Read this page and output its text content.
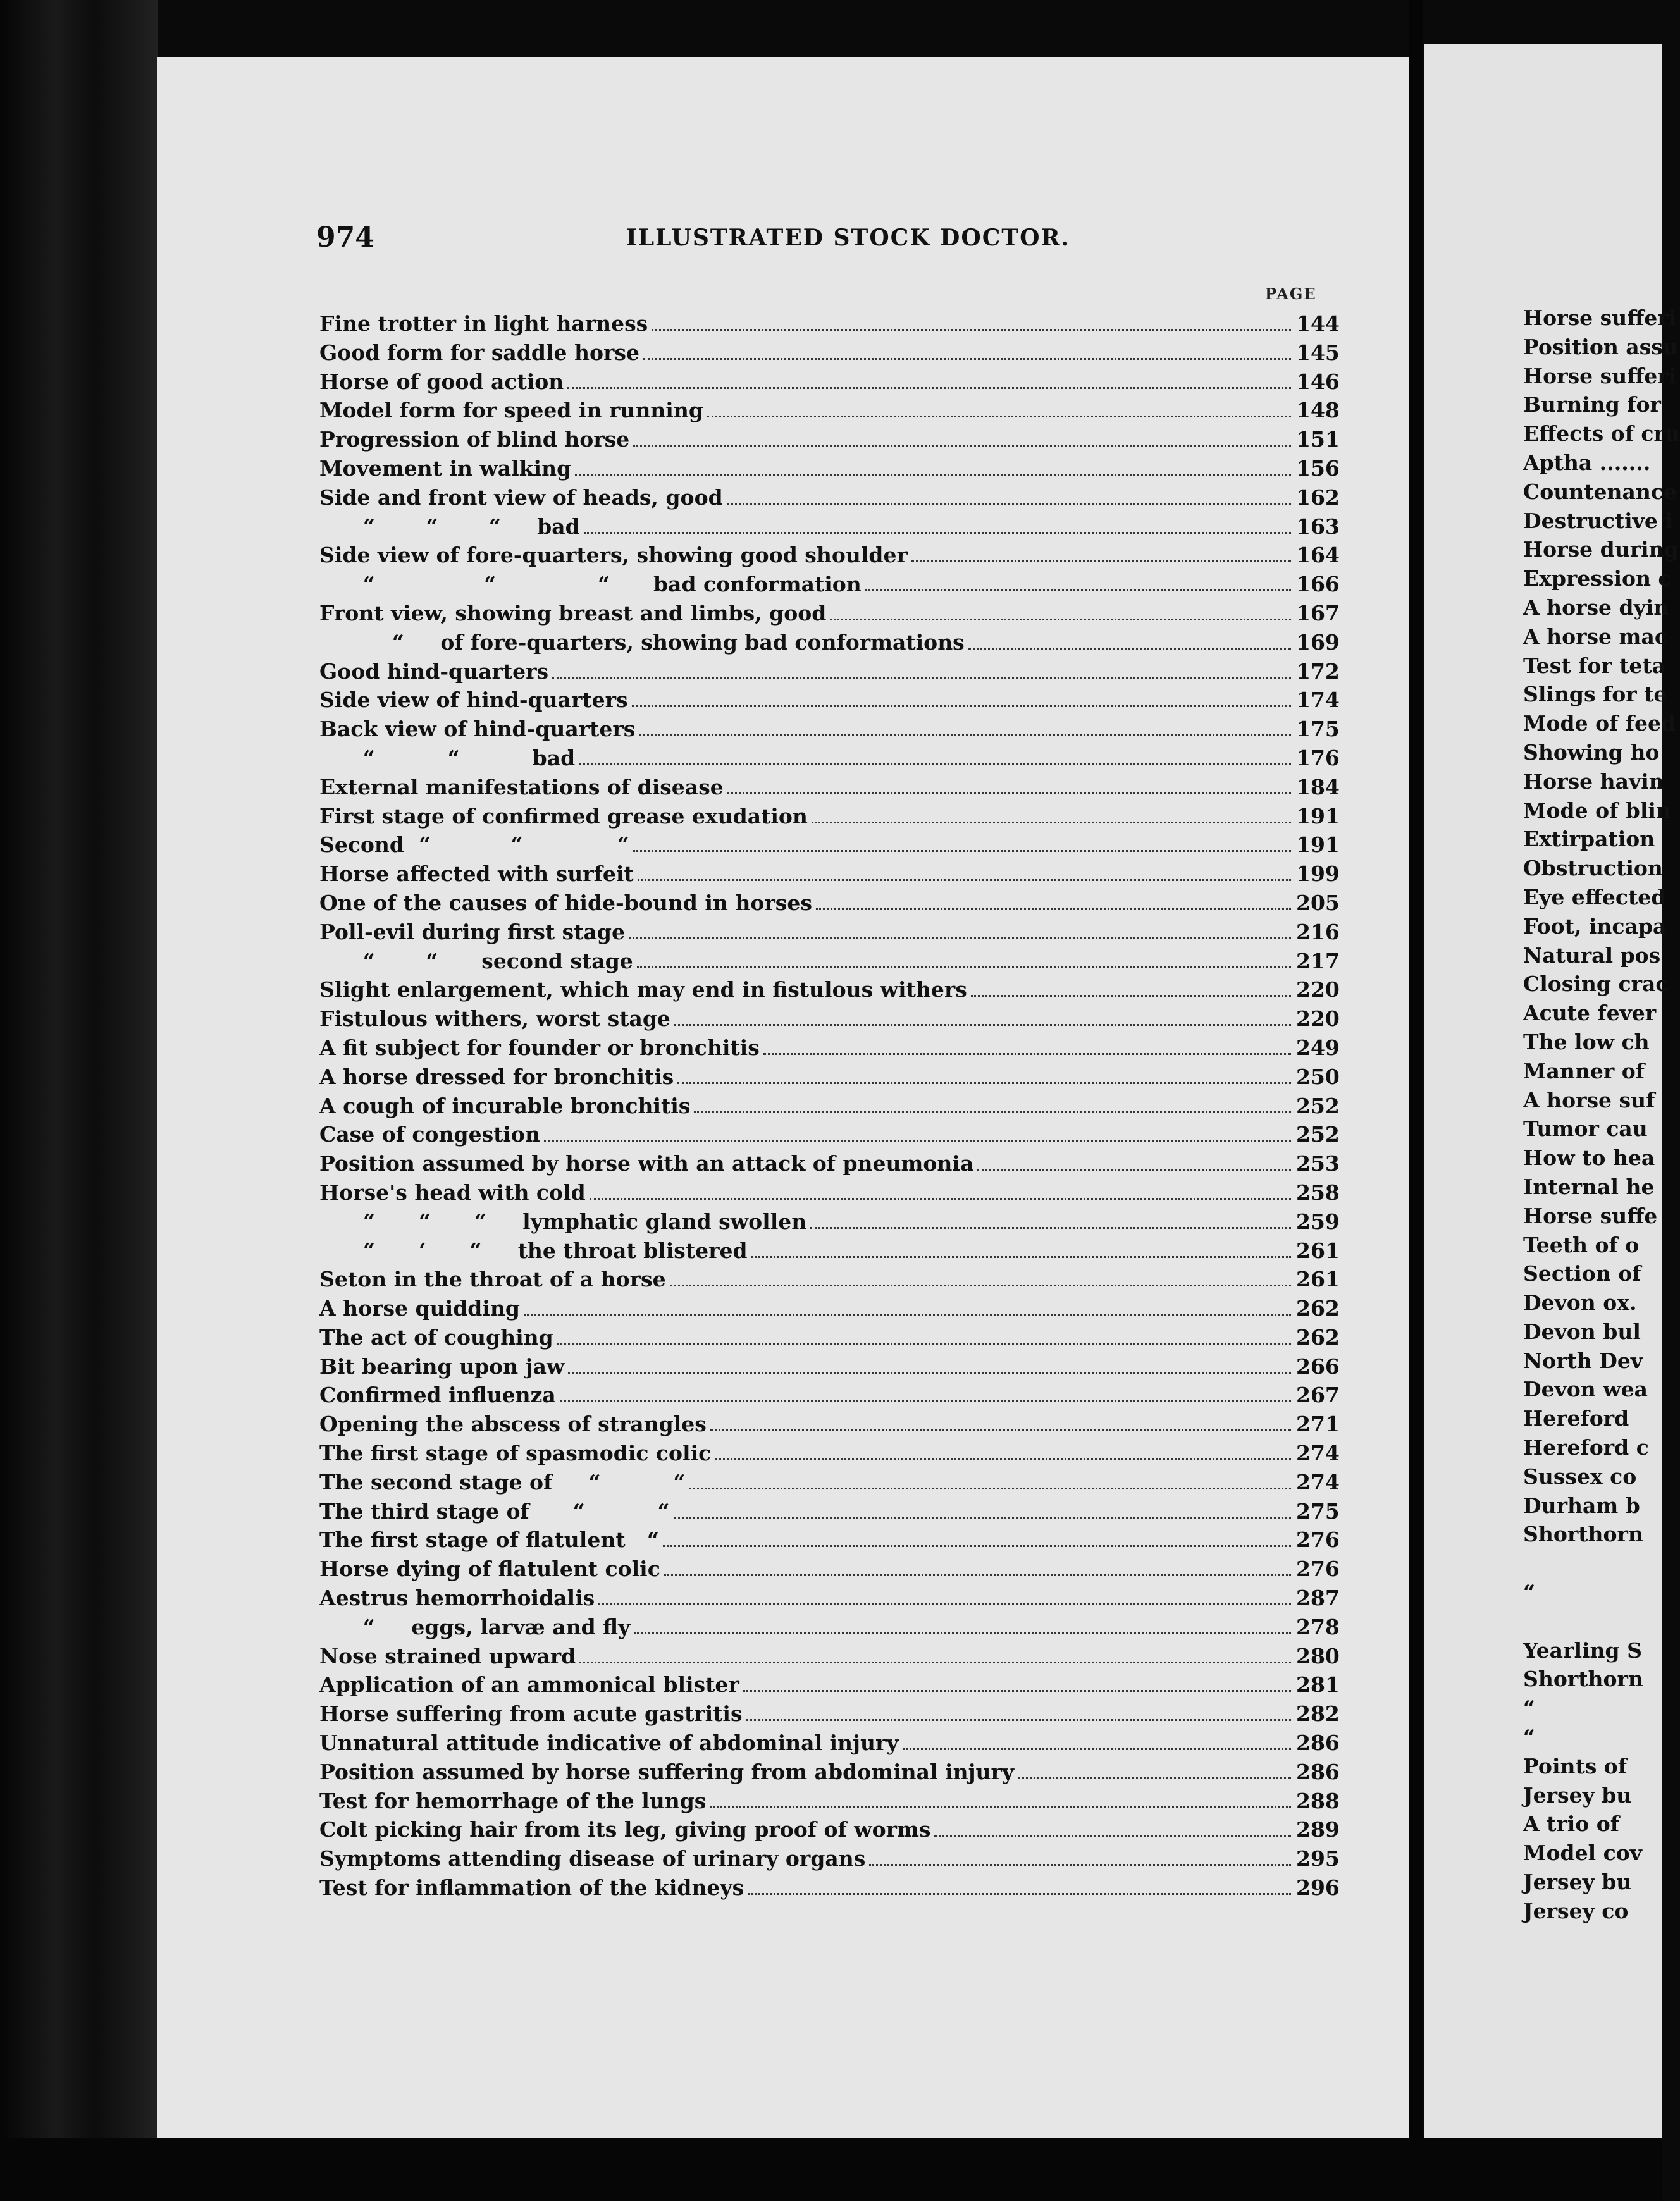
974	ILLUSTRATED STOCK DOCTOR.
PAGE
Fine trotter in light harness	144
Good form for saddle horse	145
Horse of good action	146
Model form for speed in running	148
Progression of blind horse	151
Movement in walking	156
Side and front view of heads, good	162
“       “       “     bad	163
Side view of fore-quarters, showing good shoulder	164
“               “              “      bad conformation	166
Front view, showing breast and limbs, good	167
“     of fore-quarters, showing bad conformations	169
Good hind-quarters	172
Side view of hind-quarters	174
Back view of hind-quarters	175
“          “          bad	176
External manifestations of disease	184
First stage of confirmed grease exudation	191
Second  “           “             “	191
Horse affected with surfeit	199
One of the causes of hide-bound in horses	205
Poll-evil during first stage	216
“       “      second stage	217
Slight enlargement, which may end in fistulous withers	220
Fistulous withers, worst stage	220
A fit subject for founder or bronchitis	249
A horse dressed for bronchitis	250
A cough of incurable bronchitis	252
Case of congestion	252
Position assumed by horse with an attack of pneumonia	253
Horse's head with cold	258
“      “      “     lymphatic gland swollen	259
“      ‘      “     the throat blistered	261
Seton in the throat of a horse	261
A horse quidding	262
The act of coughing	262
Bit bearing upon jaw	266
Confirmed influenza	267
Opening the abscess of strangles	271
The first stage of spasmodic colic	274
The second stage of     “          “	274
The third stage of      “          “	275
The first stage of flatulent   “	276
Horse dying of flatulent colic	276
Aestrus hemorrhoidalis	287
“     eggs, larvæ and fly	278
Nose strained upward	280
Application of an ammonical blister	281
Horse suffering from acute gastritis	282
Unnatural attitude indicative of abdominal injury	286
Position assumed by horse suffering from abdominal injury	286
Test for hemorrhage of the lungs	288
Colt picking hair from its leg, giving proof of worms	289
Symptoms attending disease of urinary organs	295
Test for inflammation of the kidneys	296
Horse sufferi
Position assu
Horse sufferi
Burning for
Effects of cru
Aptha .......
Countenance
Destructive i
Horse during
Expression c
A horse dyin
A horse mac
Test for teta
Slings for te
Mode of feed
Showing ho
Horse havin
Mode of blin
Extirpation
Obstruction
Eye effected
Foot, incapa
Natural pos
Closing crac
Acute fever
The low ch
Manner of
A horse suf
Tumor cau
How to hea
Internal he
Horse suffe
Teeth of o
Section of
Devon ox.
Devon bul
North Dev
Devon wea
Hereford
Hereford c
Sussex co
Durham b
Shorthorn
“
Yearling S
Shorthorn
“
“
Points of
Jersey bu
A trio of
Model cov
Jersey bu
Jersey co
